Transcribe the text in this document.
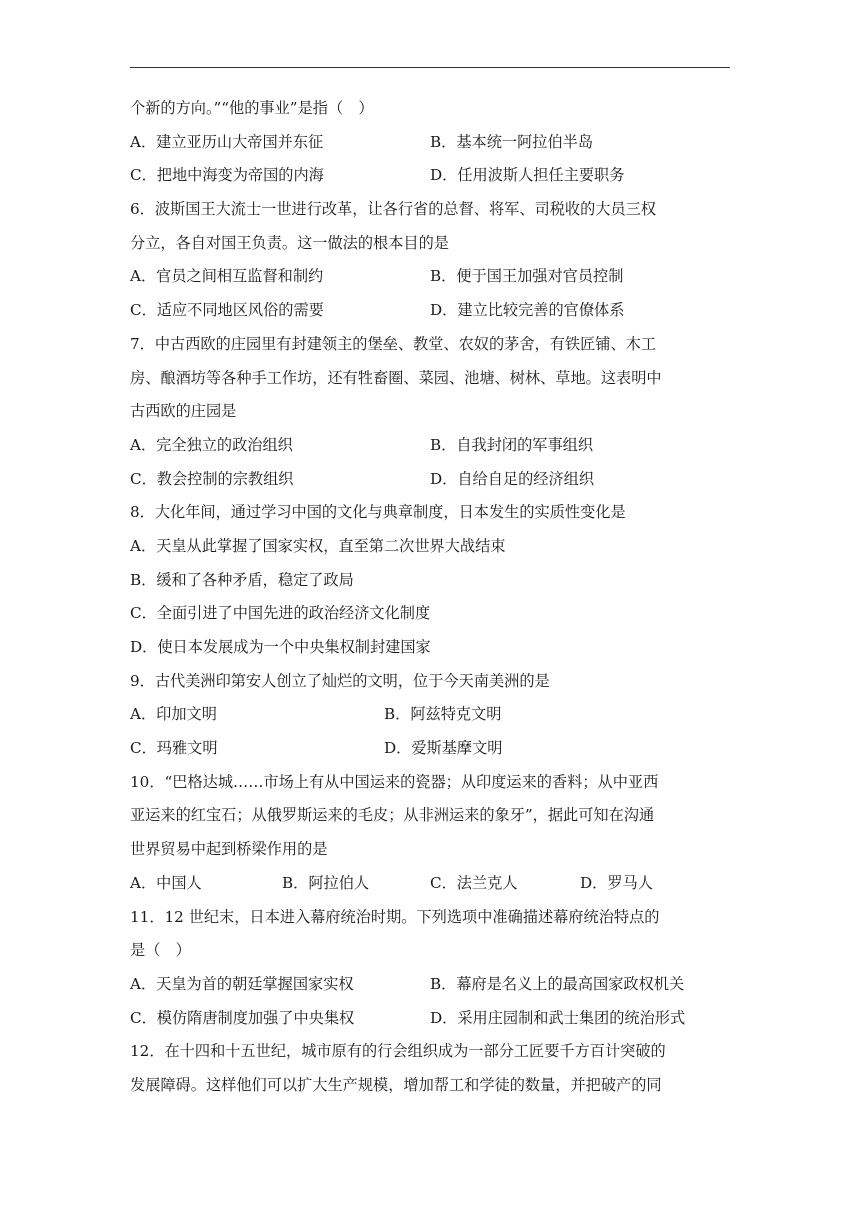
个新的方向。”“他的事业”是指（　）
A．建立亚历山大帝国并东征	B．基本统一阿拉伯半岛
C．把地中海变为帝国的内海	D．任用波斯人担任主要职务
6．波斯国王大流士一世进行改革，让各行省的总督、将军、司税收的大员三权
分立，各自对国王负责。这一做法的根本目的是
A．官员之间相互监督和制约	B．便于国王加强对官员控制
C．适应不同地区风俗的需要	D．建立比较完善的官僚体系
7．中古西欧的庄园里有封建领主的堡垒、教堂、农奴的茅舍，有铁匠铺、木工
房、酿酒坊等各种手工作坊，还有牲畜圈、菜园、池塘、树林、草地。这表明中
古西欧的庄园是
A．完全独立的政治组织	B．自我封闭的军事组织
C．教会控制的宗教组织	D．自给自足的经济组织
8．大化年间，通过学习中国的文化与典章制度，日本发生的实质性变化是
A．天皇从此掌握了国家实权，直至第二次世界大战结束
B．缓和了各种矛盾，稳定了政局
C．全面引进了中国先进的政治经济文化制度
D．使日本发展成为一个中央集权制封建国家
9．古代美洲印第安人创立了灿烂的文明，位于今天南美洲的是
A．印加文明	B．阿兹特克文明
C．玛雅文明	D．爱斯基摩文明
10．“巴格达城……市场上有从中国运来的瓷器；从印度运来的香料；从中亚西
亚运来的红宝石；从俄罗斯运来的毛皮；从非洲运来的象牙”，据此可知在沟通
世界贸易中起到桥梁作用的是
A．中国人	B．阿拉伯人	C．法兰克人	D．罗马人
11．12 世纪末，日本进入幕府统治时期。下列选项中准确描述幕府统治特点的
是（　）
A．天皇为首的朝廷掌握国家实权	B．幕府是名义上的最高国家政权机关
C．模仿隋唐制度加强了中央集权	D．采用庄园制和武士集团的统治形式
12．在十四和十五世纪，城市原有的行会组织成为一部分工匠要千方百计突破的
发展障碍。这样他们可以扩大生产规模，增加帮工和学徒的数量，并把破产的同
